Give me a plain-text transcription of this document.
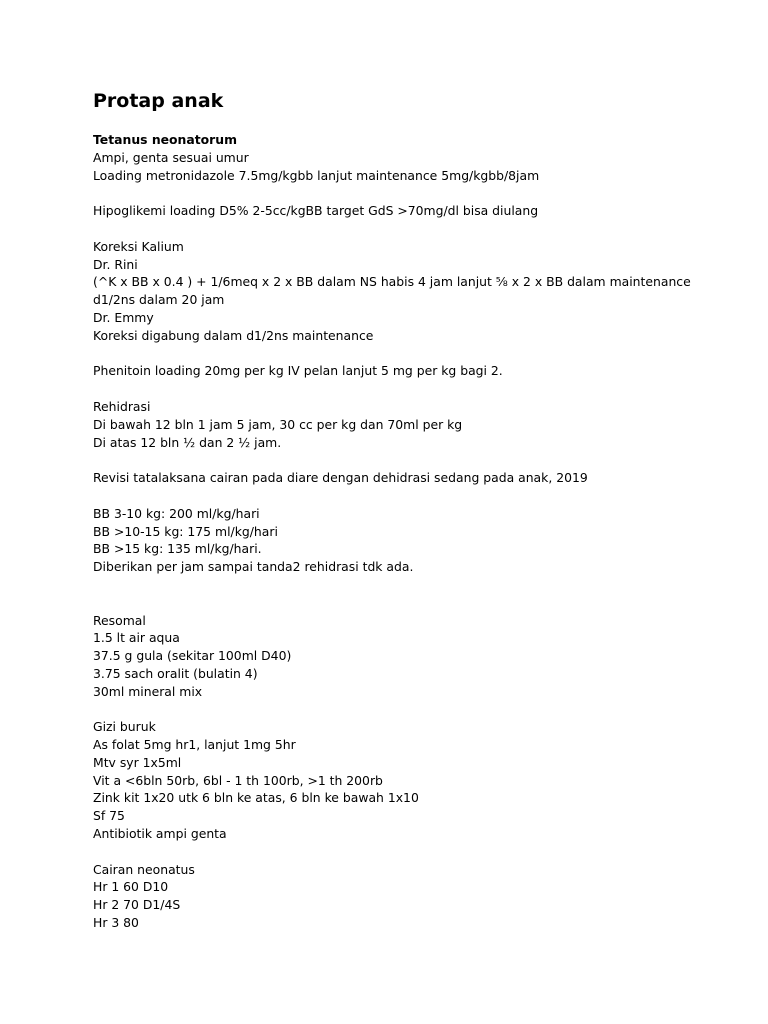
Protap anak
Tetanus neonatorum
Ampi, genta sesuai umur
Loading metronidazole 7.5mg/kgbb lanjut maintenance 5mg/kgbb/8jam
Hipoglikemi loading D5% 2-5cc/kgBB target GdS >70mg/dl bisa diulang
Koreksi Kalium
Dr. Rini
(^K x BB x 0.4 ) + 1/6meq x 2 x BB dalam NS habis 4 jam lanjut ⅝ x 2 x BB dalam maintenance
d1/2ns dalam 20 jam
Dr. Emmy
Koreksi digabung dalam d1/2ns maintenance
Phenitoin loading 20mg per kg IV pelan lanjut 5 mg per kg bagi 2.
Rehidrasi
Di bawah 12 bln 1 jam 5 jam, 30 cc per kg dan 70ml per kg
Di atas 12 bln ½ dan 2 ½ jam.
Revisi tatalaksana cairan pada diare dengan dehidrasi sedang pada anak, 2019
BB 3-10 kg: 200 ml/kg/hari
BB >10-15 kg: 175 ml/kg/hari
BB >15 kg: 135 ml/kg/hari.
Diberikan per jam sampai tanda2 rehidrasi tdk ada.
Resomal
1.5 lt air aqua
37.5 g gula (sekitar 100ml D40)
3.75 sach oralit (bulatin 4)
30ml mineral mix
Gizi buruk
As folat 5mg hr1, lanjut 1mg 5hr
Mtv syr 1x5ml
Vit a <6bln 50rb, 6bl - 1 th 100rb, >1 th 200rb
Zink kit 1x20 utk 6 bln ke atas, 6 bln ke bawah 1x10
Sf 75
Antibiotik ampi genta
Cairan neonatus
Hr 1 60 D10
Hr 2 70 D1/4S
Hr 3 80
